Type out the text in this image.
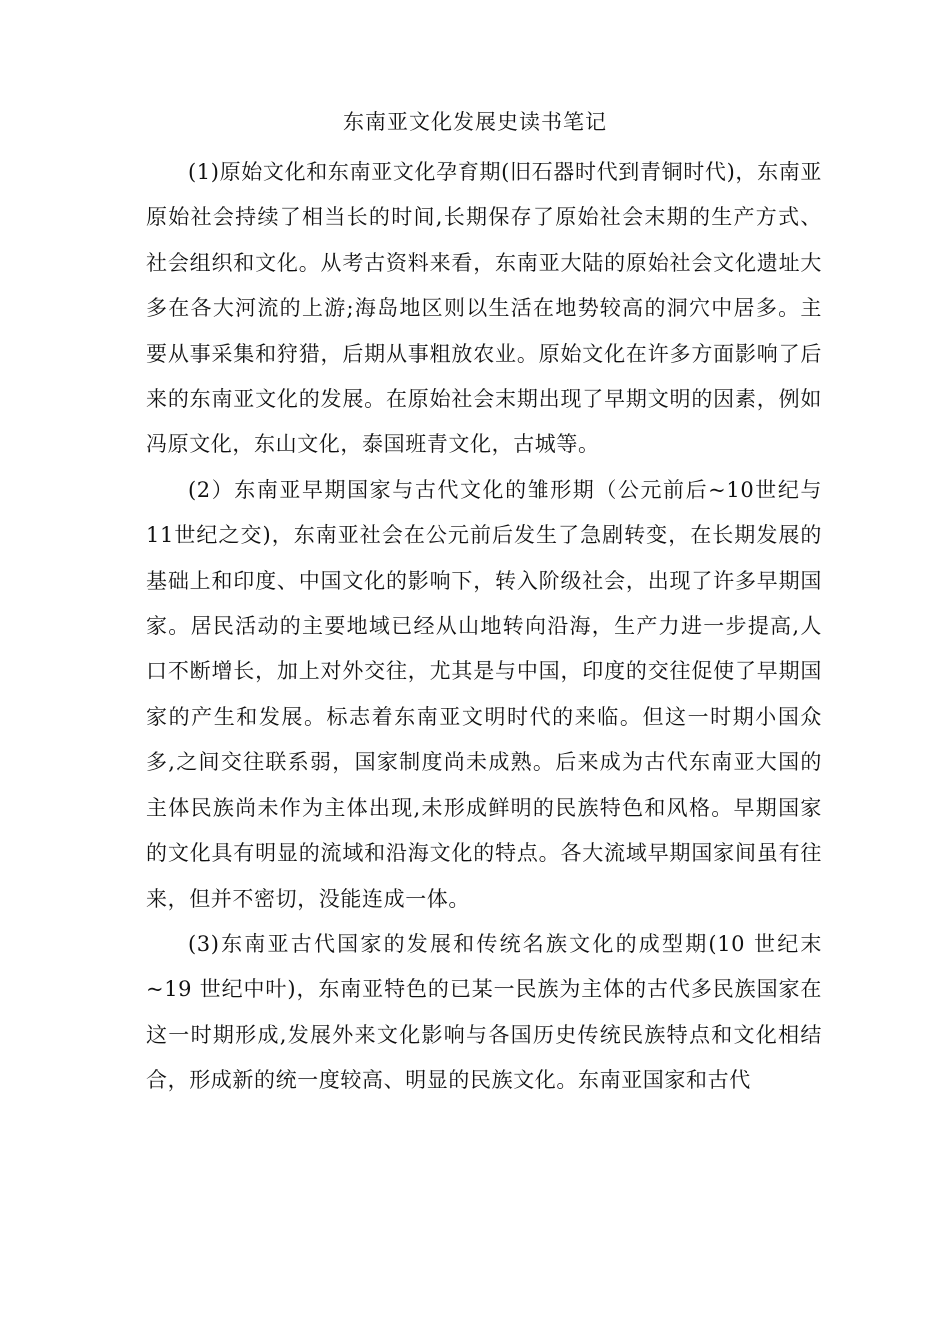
东南亚文化发展史读书笔记

(1)原始文化和东南亚文化孕育期(旧石器时代到青铜时代)，东南亚原始社会持续了相当长的时间,长期保存了原始社会末期的生产方式、社会组织和文化。从考古资料来看，东南亚大陆的原始社会文化遗址大多在各大河流的上游;海岛地区则以生活在地势较高的洞穴中居多。主要从事采集和狩猎，后期从事粗放农业。原始文化在许多方面影响了后来的东南亚文化的发展。在原始社会末期出现了早期文明的因素，例如冯原文化，东山文化，泰国班青文化，古城等。

(2）东南亚早期国家与古代文化的雏形期（公元前后~10世纪与11世纪之交)，东南亚社会在公元前后发生了急剧转变，在长期发展的基础上和印度、中国文化的影响下，转入阶级社会，出现了许多早期国家。居民活动的主要地域已经从山地转向沿海，生产力进一步提高,人口不断增长，加上对外交往，尤其是与中国，印度的交往促使了早期国家的产生和发展。标志着东南亚文明时代的来临。但这一时期小国众多,之间交往联系弱，国家制度尚未成熟。后来成为古代东南亚大国的主体民族尚未作为主体出现,未形成鲜明的民族特色和风格。早期国家的文化具有明显的流域和沿海文化的特点。各大流域早期国家间虽有往来，但并不密切，没能连成一体。

(3)东南亚古代国家的发展和传统名族文化的成型期(10 世纪末~19 世纪中叶)，东南亚特色的已某一民族为主体的古代多民族国家在这一时期形成,发展外来文化影响与各国历史传统民族特点和文化相结合，形成新的统一度较高、明显的民族文化。东南亚国家和古代
